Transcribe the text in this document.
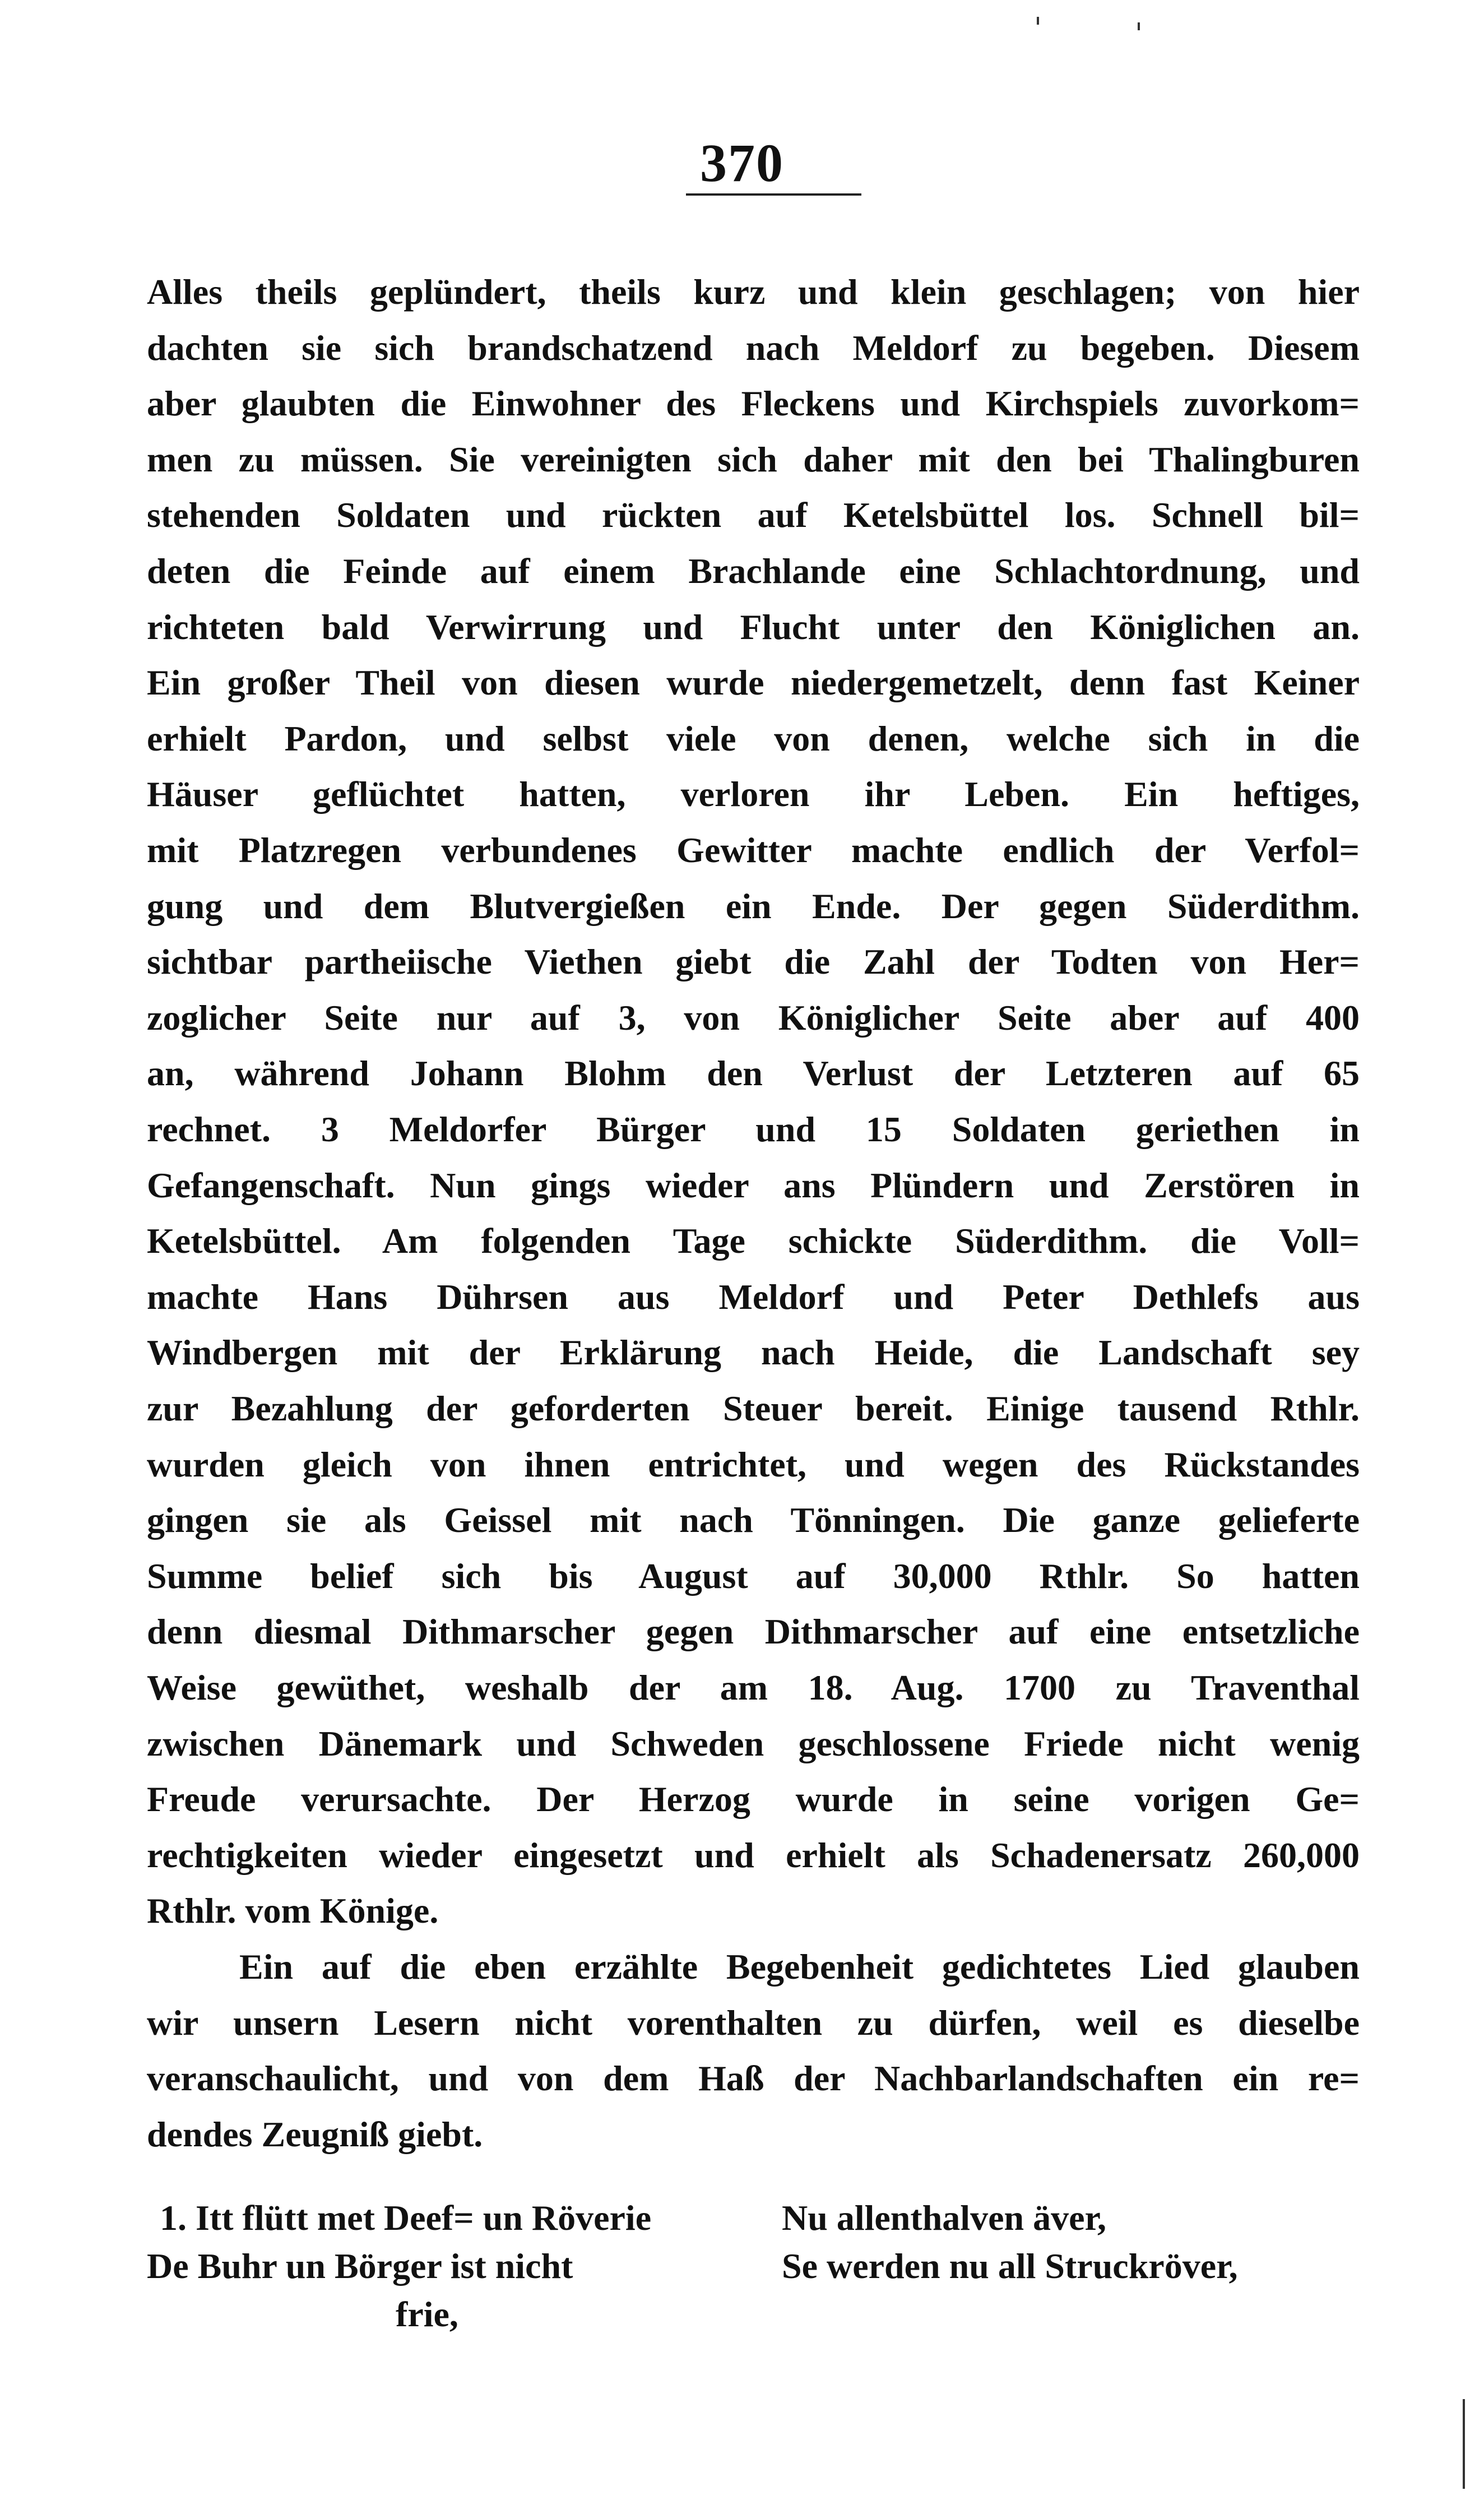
370
Alles theils geplündert, theils kurz und klein geschlagen; von hier
dachten sie sich brandschatzend nach Meldorf zu begeben. Diesem
aber glaubten die Einwohner des Fleckens und Kirchspiels zuvorkom=
men zu müssen. Sie vereinigten sich daher mit den bei Thalingburen
stehenden Soldaten und rückten auf Ketelsbüttel los. Schnell bil=
deten die Feinde auf einem Brachlande eine Schlachtordnung, und
richteten bald Verwirrung und Flucht unter den Königlichen an.
Ein großer Theil von diesen wurde niedergemetzelt, denn fast Keiner
erhielt Pardon, und selbst viele von denen, welche sich in die
Häuser geflüchtet hatten, verloren ihr Leben. Ein heftiges,
mit Platzregen verbundenes Gewitter machte endlich der Verfol=
gung und dem Blutvergießen ein Ende. Der gegen Süderdithm.
sichtbar partheiische Viethen giebt die Zahl der Todten von Her=
zoglicher Seite nur auf 3, von Königlicher Seite aber auf 400
an, während Johann Blohm den Verlust der Letzteren auf 65
rechnet. 3 Meldorfer Bürger und 15 Soldaten geriethen in
Gefangenschaft. Nun gings wieder ans Plündern und Zerstören in
Ketelsbüttel. Am folgenden Tage schickte Süderdithm. die Voll=
machte Hans Dührsen aus Meldorf und Peter Dethlefs aus
Windbergen mit der Erklärung nach Heide, die Landschaft sey
zur Bezahlung der geforderten Steuer bereit. Einige tausend Rthlr.
wurden gleich von ihnen entrichtet, und wegen des Rückstandes
gingen sie als Geissel mit nach Tönningen. Die ganze gelieferte
Summe belief sich bis August auf 30,000 Rthlr. So hatten
denn diesmal Dithmarscher gegen Dithmarscher auf eine entsetzliche
Weise gewüthet, weshalb der am 18. Aug. 1700 zu Traventhal
zwischen Dänemark und Schweden geschlossene Friede nicht wenig
Freude verursachte. Der Herzog wurde in seine vorigen Ge=
rechtigkeiten wieder eingesetzt und erhielt als Schadenersatz 260,000
Rthlr. vom Könige.
Ein auf die eben erzählte Begebenheit gedichtetes Lied glauben
wir unsern Lesern nicht vorenthalten zu dürfen, weil es dieselbe
veranschaulicht, und von dem Haß der Nachbarlandschaften ein re=
dendes Zeugniß giebt.
1. Itt flütt met Deef= un Röverie
De Buhr un Börger ist nicht
frie,
Nu allenthalven äver,
Se werden nu all Struckröver,
